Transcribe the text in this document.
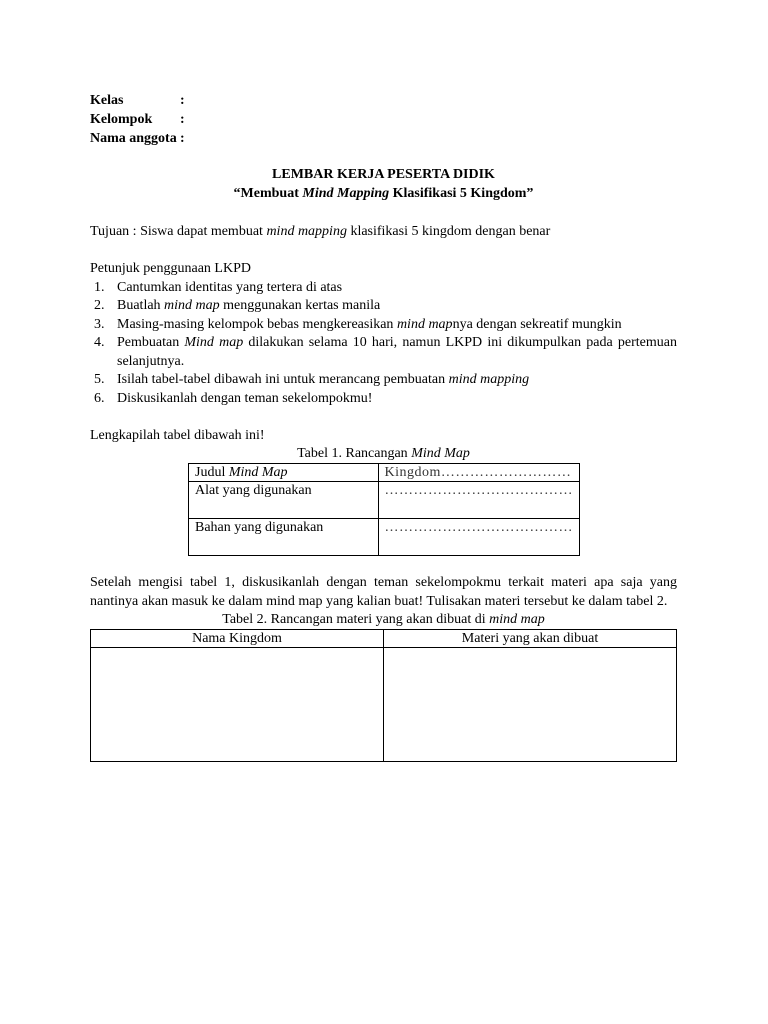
Kelas	:
Kelompok	:
Nama anggota :
LEMBAR KERJA PESERTA DIDIK
“Membuat Mind Mapping Klasifikasi 5 Kingdom”
Tujuan : Siswa dapat membuat mind mapping klasifikasi 5 kingdom dengan benar
Petunjuk penggunaan LKPD
1. Cantumkan identitas yang tertera di atas
2. Buatlah mind map menggunakan kertas manila
3. Masing-masing kelompok bebas mengkereasikan mind mapnya dengan sekreatif mungkin
4. Pembuatan Mind map dilakukan selama 10 hari, namun LKPD ini dikumpulkan pada pertemuan selanjutnya.
5. Isilah tabel-tabel dibawah ini untuk merancang pembuatan mind mapping
6. Diskusikanlah dengan teman sekelompokmu!
Lengkapilah tabel dibawah ini!
Tabel 1. Rancangan Mind Map
Judul Mind Map	Kingdom………………………
Alat yang digunakan	…………………………………
Bahan yang digunakan	…………………………………
Setelah mengisi tabel 1, diskusikanlah dengan teman sekelompokmu terkait materi apa saja yang nantinya akan masuk ke dalam mind map yang kalian buat! Tulisakan materi tersebut ke dalam tabel 2.
Tabel 2. Rancangan materi yang akan dibuat di mind map
Nama Kingdom	Materi yang akan dibuat
